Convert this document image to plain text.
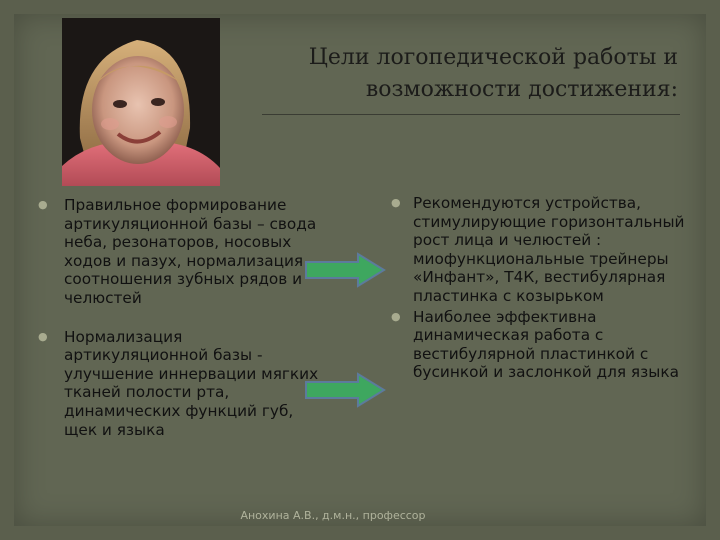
Цели логопедической работы и
возможности достижения:
● Правильное формирование артикуляционной базы – свода неба, резонаторов, носовых ходов и пазух, нормализация соотношения зубных рядов и челюстей
● Нормализация артикуляционной базы - улучшение иннервации мягких тканей полости рта, динамических функций губ, щек и языка
● Рекомендуются устройства, стимулирующие горизонтальный рост лица и челюстей : миофункциональные трейнеры «Инфант», Т4К, вестибулярная пластинка с козырьком
● Наиболее эффективна динамическая работа с вестибулярной пластинкой с бусинкой и заслонкой для языка
Анохина А.В., д.м.н., профессор
